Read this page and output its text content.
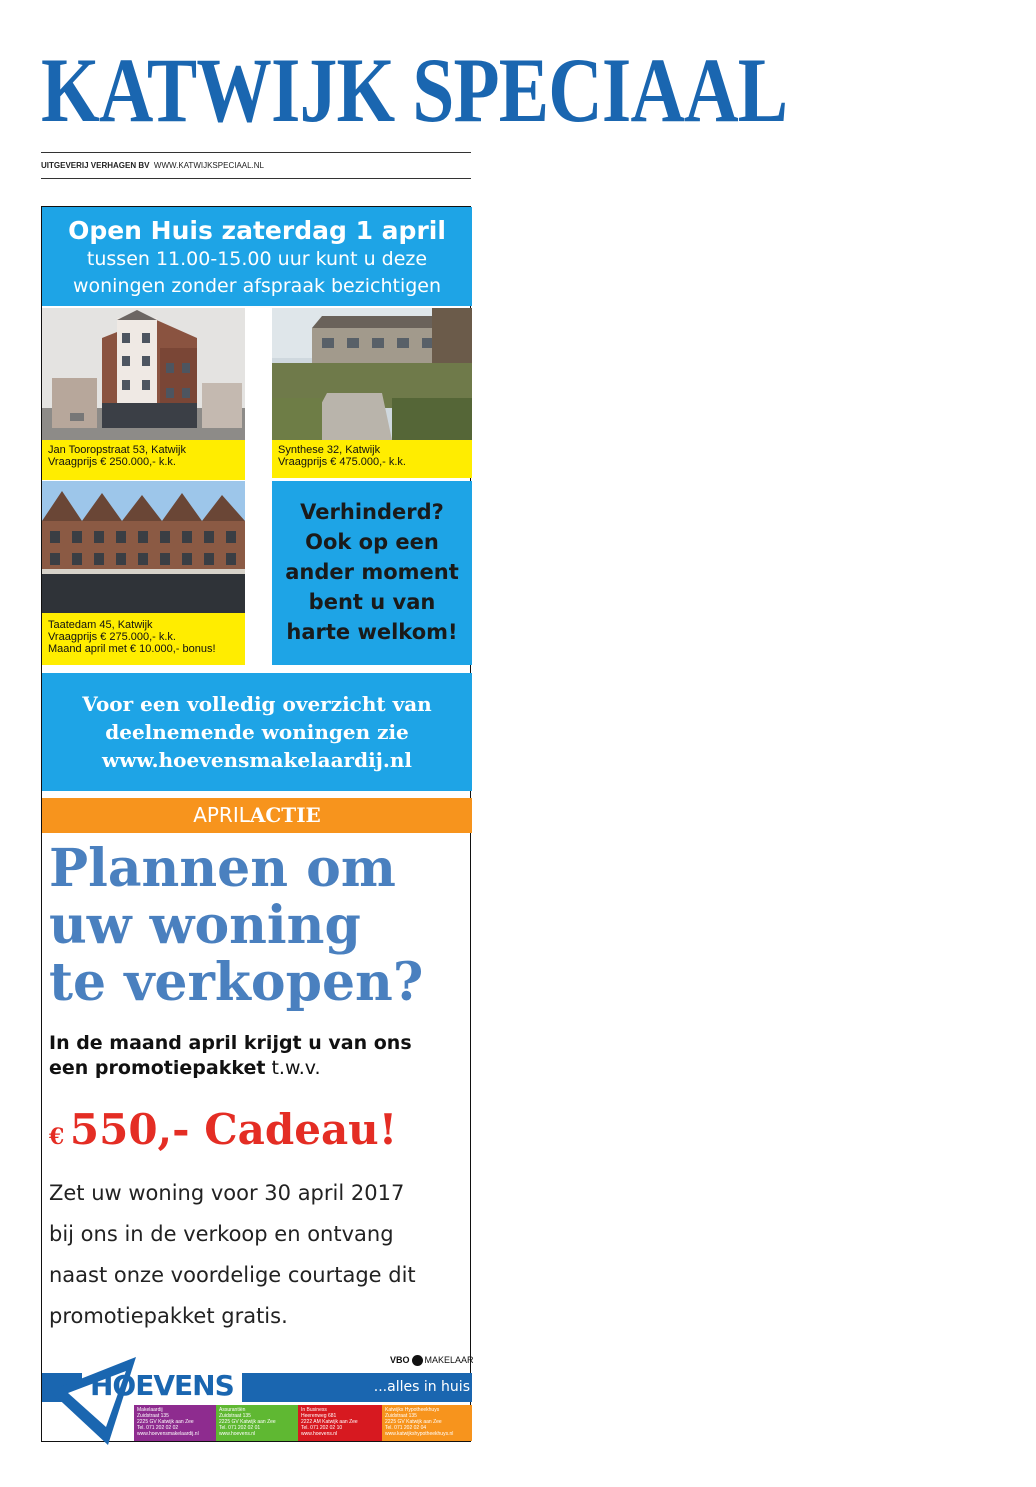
KATWIJK SPECIAAL
UITGEVERIJ VERHAGEN BV WWW.KATWIJKSPECIAAL.NL
Open Huis zaterdag 1 april
tussen 11.00-15.00 uur kunt u deze
woningen zonder afspraak bezichtigen
Jan Tooropstraat 53, Katwijk
Vraagprijs € 250.000,- k.k.
Synthese 32, Katwijk
Vraagprijs € 475.000,- k.k.
Taatedam 45, Katwijk
Vraagprijs € 275.000,- k.k.
Maand april met € 10.000,- bonus!
Verhinderd?
Ook op een
ander moment
bent u van
harte welkom!
Voor een volledig overzicht van
deelnemende woningen zie
www.hoevensmakelaardij.nl
APRILACTIE
Plannen om
uw woning
te verkopen?
In de maand april krijgt u van ons
een promotiepakket t.w.v.
€ 550,- Cadeau!
Zet uw woning voor 30 april 2017
bij ons in de verkoop en ontvang
naast onze voordelige courtage dit
promotiepakket gratis.
VBO MAKELAAR
HOEVENS	...alles in huis
Makelaardij
Zuidstraat 135
2225 GV Katwijk aan Zee
Tel. 071 202 02 02
www.hoevensmakelaardij.nl
Assurantiën
Zuidstraat 135
2225 GV Katwijk aan Zee
Tel. 071 202 02 01
www.hoevens.nl
In Business
Heerenweg 681
2222 AM Katwijk aan Zee
Tel. 071 202 02 10
www.hoevens.nl
Katwijks Hypotheekhuys
Zuidstraat 135
2225 GV Katwijk aan Zee
Tel. 071 202 02 04
www.katwijkshypotheekhuys.nl
